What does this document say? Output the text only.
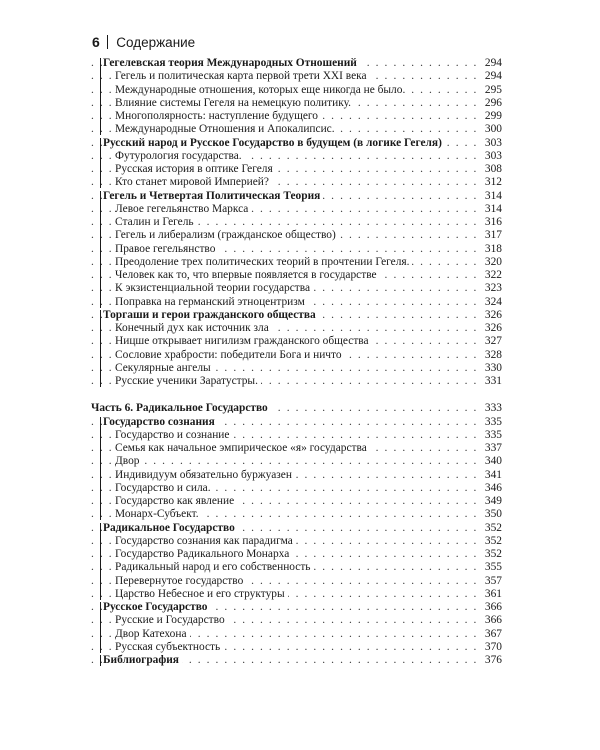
6 Содержание
. . .
Гегелевская теория Международных Отношений	294
. . .
Гегель и политическая карта первой трети XXI века	294
. . .
Международные отношения, которых еще никогда не было.	295
. . .
Влияние системы Гегеля на немецкую политику.	296
. . .
Многополярность: наступление будущего	299
. . .
Международные Отношения и Апокалипсис.	300
. . .
Русский народ и Русское Государство в будущем (в логике Гегеля)	303
. . .
Футурология государства.	303
. . .
Русская история в оптике Гегеля	308
. . .
Кто станет мировой Империей?	312
. . .
Гегель и Четвертая Политическая Теория	314
. . .
Левое гегельянство Маркса	314
. . .
Сталин и Гегель	316
. . .
Гегель и либерализм (гражданское общество)	317
. . .
Правое гегельянство	318
. . .
Преодоление трех политических теорий в прочтении Гегеля.	320
. . .
Человек как то, что впервые появляется в государстве	322
. . .
К экзистенциальной теории государства	323
. . .
Поправка на германский этноцентризм	324
. . .
Торгаши и герои гражданского общества	326
. . .
Конечный дух как источник зла	326
. . .
Ницше открывает нигилизм гражданского общества	327
. . .
Сословие храбрости: победители Бога и ничто	328
. . .
Секулярные ангелы	330
. . .
Русские ученики Заратустры.	331
. . .
Часть 6. Радикальное Государство	333
. . .
Государство сознания	335
. . .
Государство и сознание	335
. . .
Семья как начальное эмпирическое «я» государства	337
. . .
Двор	340
. . .
Индивидуум обязательно буржуазен	341
. . .
Государство и сила.	346
. . .
Государство как явление	349
. . .
Монарх-Субъект.	350
. . .
Радикальное Государство	352
. . .
Государство сознания как парадигма	352
. . .
Государство Радикального Монарха	352
. . .
Радикальный народ и его собственность	355
. . .
Перевернутое государство	357
. . .
Царство Небесное и его структуры	361
. . .
Русское Государство	366
. . .
Русские и Государство	366
. . .
Двор Катехона	367
. . .
Русская субъектность	370
. . .
Библиография	376
